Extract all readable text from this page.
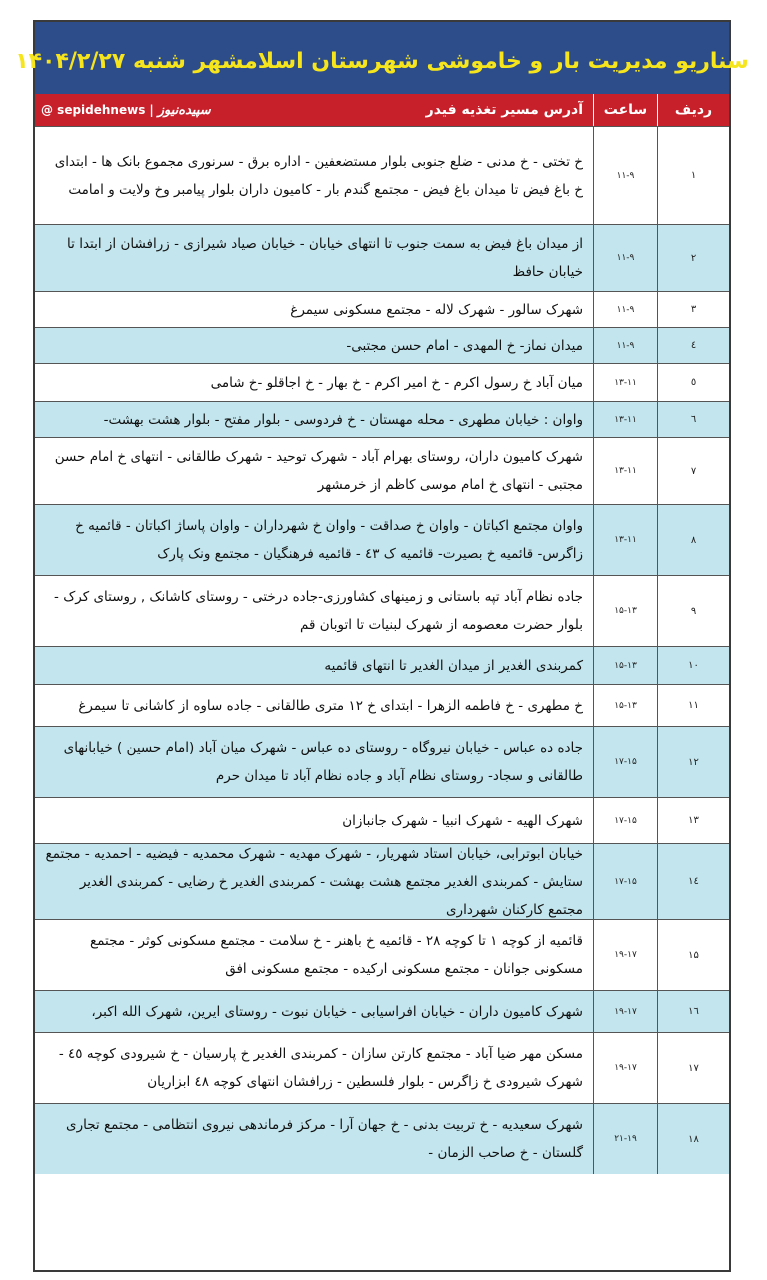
سناریو مدیریت بار و خاموشی شهرستان اسلامشهر شنبه ۱۴۰۴/۲/۲۷
ردیف
ساعت
آدرس مسیر تغذیه فیدر
@ sepidehnews | سپیده‌نیوز
۱
۱۱-۹
خ تختی - خ مدنی - ضلع جنوبی بلوار مستضعفین - اداره برق - سرنوری مجموع بانک ها - ابتدای خ باغ فیض تا میدان باغ فیض - مجتمع گندم بار - کامیون داران بلوار پیامبر وخ ولایت و امامت
۲
۱۱-۹
از میدان باغ فیض به سمت جنوب تا انتهای خیابان - خیابان صیاد شیرازی - زرافشان از ابتدا تا خیابان حافظ
۳
۱۱-۹
شهرک سالور - شهرک لاله - مجتمع مسکونی سیمرغ
٤
۱۱-۹
میدان نماز- خ المهدی - امام حسن مجتبی-
٥
۱۳-۱۱
میان آباد خ رسول اکرم - خ امیر اکرم - خ بهار - خ اجاقلو -خ شامی
٦
۱۳-۱۱
واوان : خیابان مطهری - محله مهستان - خ فردوسی - بلوار مفتح - بلوار هشت بهشت-
۷
۱۳-۱۱
شهرک کامیون داران، روستای بهرام آباد - شهرک توحید - شهرک طالقانی - انتهای خ امام حسن مجتبی - انتهای خ امام موسی کاظم از خرمشهر
۸
۱۳-۱۱
واوان مجتمع اکباتان - واوان خ صداقت - واوان خ شهرداران - واوان پاساژ اکباتان - قائمیه خ زاگرس- قائمیه خ بصیرت- قائمیه ک ٤۳ - قائمیه فرهنگیان - مجتمع ونک پارک
۹
۱۵-۱۳
جاده نظام آباد تپه باستانی و زمینهای کشاورزی-جاده درختی - روستای کاشانک , روستای کرک - بلوار حضرت معصومه از شهرک لبنیات تا اتوبان قم
۱۰
۱۵-۱۳
کمربندی الغدیر از میدان الغدیر تا انتهای قائمیه
۱۱
۱۵-۱۳
خ مطهری - خ فاطمه الزهرا - ابتدای خ ۱۲ متری طالقانی - جاده ساوه از کاشانی تا سیمرغ
۱۲
۱۷-۱۵
جاده ده عباس - خیابان نیروگاه - روستای ده عباس - شهرک میان آباد (امام حسین ) خیابانهای طالقانی و سجاد- روستای نظام آباد و جاده نظام آباد تا میدان حرم
۱۳
۱۷-۱۵
شهرک الهیه - شهرک انبیا - شهرک جانبازان
١٤
۱۷-۱۵
خیابان ابوترابی، خیابان استاد شهریار، - شهرک مهدیه - شهرک محمدیه - فیضیه - احمدیه - مجتمع ستایش - کمربندی الغدیر مجتمع هشت بهشت - کمربندی الغدیر خ رضایی - کمربندی الغدیر مجتمع کارکنان شهرداری
۱۵
۱۹-۱۷
قائمیه از کوچه ۱ تا کوچه ۲۸ - قائمیه خ باهنر - خ سلامت - مجتمع مسکونی کوثر - مجتمع مسکونی جوانان - مجتمع مسکونی ارکیده - مجتمع مسکونی افق
۱٦
۱۹-۱۷
شهرک کامیون داران - خیابان افراسیابی - خیابان نبوت - روستای ایرین، شهرک الله اکبر،
۱۷
۱۹-۱۷
مسکن مهر ضیا آباد - مجتمع کارتن سازان - کمربندی الغدیر خ پارسیان - خ شیرودی کوچه ٤٥ - شهرک شیرودی خ زاگرس - بلوار فلسطین - زرافشان انتهای کوچه ٤۸ ابزاریان
۱۸
۲۱-۱۹
شهرک سعیدیه - خ تربیت بدنی - خ جهان آرا - مرکز فرماندهی نیروی انتظامی - مجتمع تجاری گلستان - خ صاحب الزمان -
